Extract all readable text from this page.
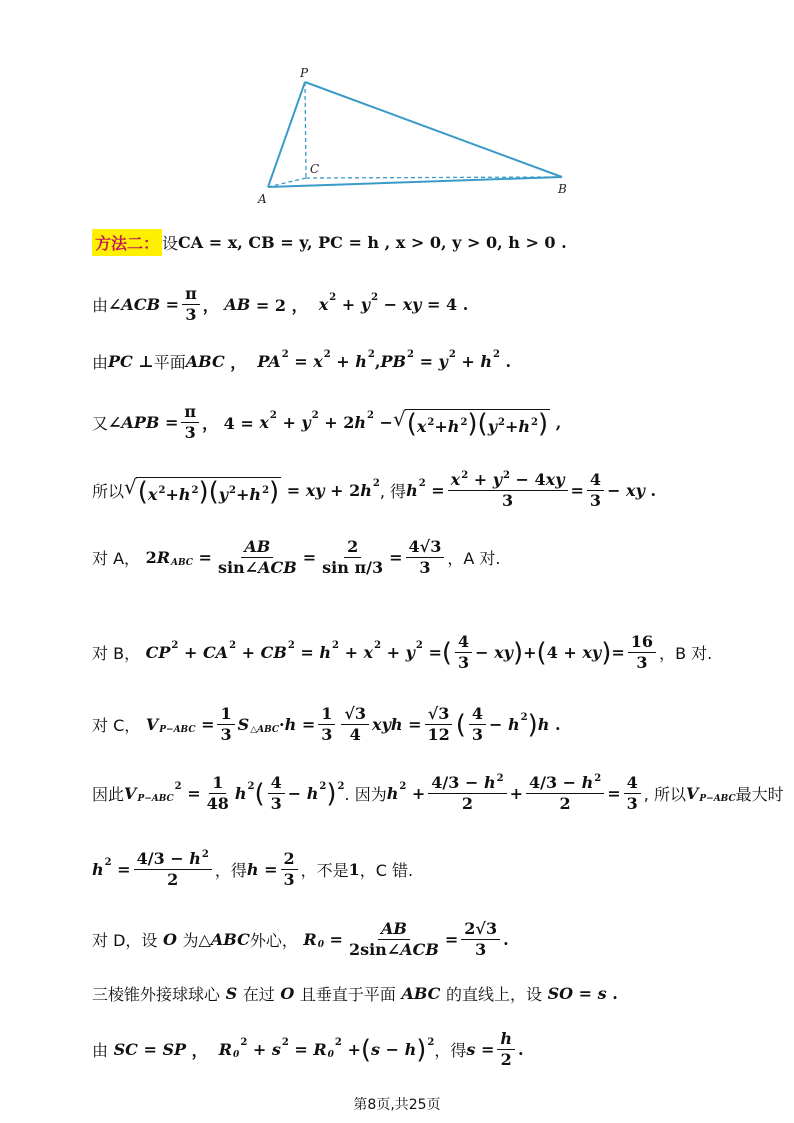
P
C
A
B
方法二： 设 CA = x, CB = y, PC = h , x > 0, y > 0, h > 0 .
由 ∠ ACB = $\frac{\pi}{3}$ ， AB = 2 ， x 2 + y 2 − xy = 4 .
由 PC ⊥ 平面 ABC ， PA 2 = x 2 + h 2 , PB 2 = y 2 + h 2 .
又 ∠ APB = $\frac{\pi}{3}$ ， 4 = x 2 + y 2 + 2 h 2 − √ $(x^2+h^2)(y^2+h^2)$ ,
所以 √ $(x^2+h^2)(y^2+h^2)$ = xy + 2 h 2 , 得 h $2 = \frac{x^2 + y^2 - 4xy}{3} = \frac{4}{3}$ − xy .
对 A， 2 R ABC = $\frac{AB}{\text{sin∠ACB}} = \frac{2}{\text{sin π/3}} = \frac{4√3}{3}$ ，A 对.
对 B，
CP 2 + CA 2 + CB 2 = h 2 + x 2 + y 2 = ( $\frac{4}{3}$ − xy ) + ( 4 + xy ) = $\frac{16}{3}$ ，B 对.
对 C，
V $P-ABC = \frac{1}{3}$ S △ABC · $h = \frac{1}{3} \frac{√3}{4}$ xyh = $\frac{√3}{12}$ ( $\frac{4}{3} - h$ 2 ) h .
因此 V P−ABC
$2 = \frac{1}{48}$ h 2 ( $\frac{4}{3} - h$ 2 ) 2 . 因为 h $2 + \frac{4/3 - h^2}{2} + \frac{4/3 - h^2}{2} = \frac{4}{3}$ , 所以 V P−ABC 最大时
h $2 = \frac{4/3 - h^2}{2}$ ，得 $h = \frac{2}{3}$ ，不是 1 ，C 错.
对 D，设
O
为 △ ABC 外心，
R $0 = \frac{AB}{\text{2sin∠ACB}} = \frac{2√3}{3}$ .
三棱锥外接球球心
S
在过
O
且垂直于平面
ABC
的直线上，设
SO = s .
由
SC = SP ， R 0
2 + s 2 = R 0
2 + ( s − h ) 2 ，得 $s = \frac{h}{2}$ .
第8页,共25页
